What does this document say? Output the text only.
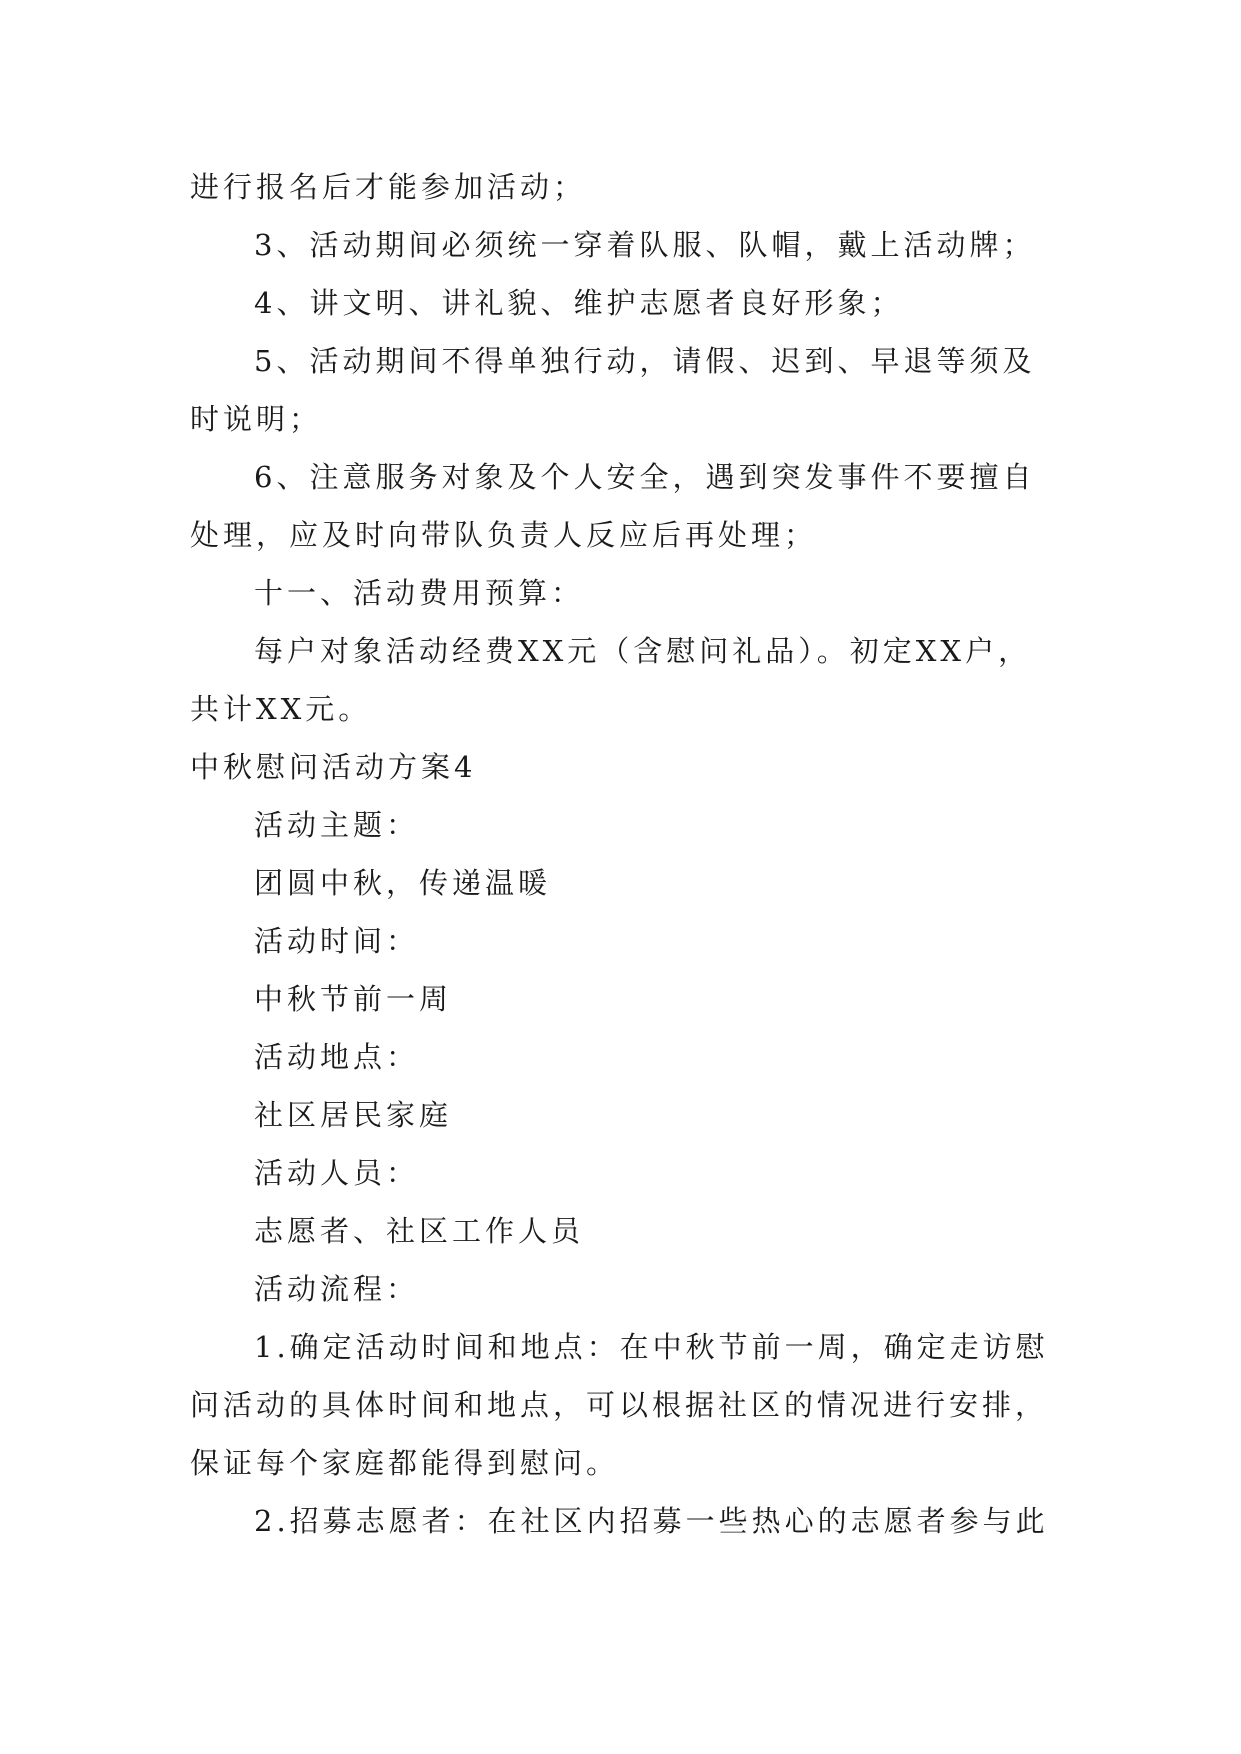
进行报名后才能参加活动；

3、活动期间必须统一穿着队服、队帽，戴上活动牌；

4、讲文明、讲礼貌、维护志愿者良好形象；

5、活动期间不得单独行动，请假、迟到、早退等须及时说明；

6、注意服务对象及个人安全，遇到突发事件不要擅自处理，应及时向带队负责人反应后再处理；

十一、活动费用预算：

每户对象活动经费XX元（含慰问礼品）。初定XX户，共计XX元。

中秋慰问活动方案4

活动主题：

团圆中秋，传递温暖

活动时间：

中秋节前一周

活动地点：

社区居民家庭

活动人员：

志愿者、社区工作人员

活动流程：

1.确定活动时间和地点：在中秋节前一周，确定走访慰问活动的具体时间和地点，可以根据社区的情况进行安排，保证每个家庭都能得到慰问。

2.招募志愿者：在社区内招募一些热心的志愿者参与此
